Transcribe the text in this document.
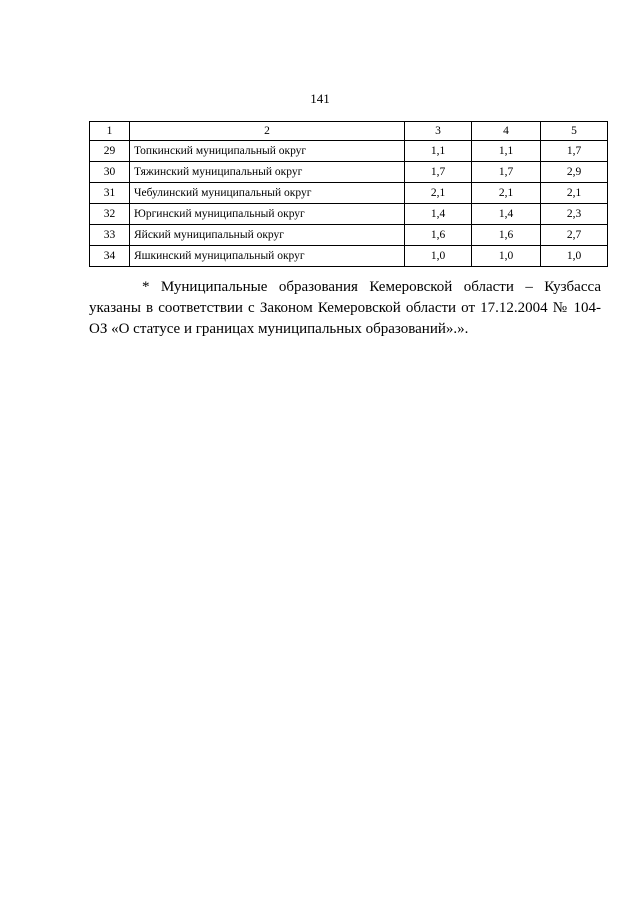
141
1	2	3	4	5
29	Топкинский муниципальный округ	1,1	1,1	1,7
30	Тяжинский муниципальный округ	1,7	1,7	2,9
31	Чебулинский муниципальный округ	2,1	2,1	2,1
32	Юргинский муниципальный округ	1,4	1,4	2,3
33	Яйский муниципальный округ	1,6	1,6	2,7
34	Яшкинский муниципальный округ	1,0	1,0	1,0

* Муниципальные образования Кемеровской области – Кузбасса указаны в соответствии с Законом Кемеровской области от 17.12.2004 № 104-ОЗ «О статусе и границах муниципальных образований».».
